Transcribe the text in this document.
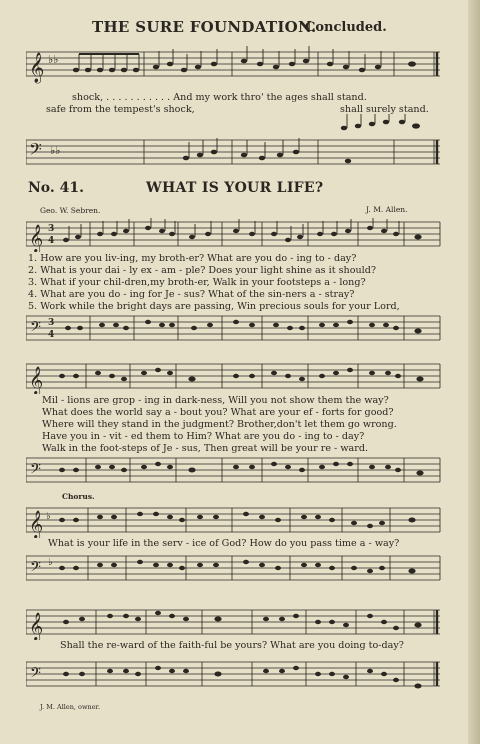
THE SURE FOUNDATION.
Concluded.
𝄞 ♭♭
shock, . . . . . . . . . . . And my work thro' the ages shall stand.
safe from the tempest's shock,	shall surely stand.
𝄢 ♭♭
No. 41.	WHAT IS YOUR LIFE?
Geo. W. Sebren.	J. M. Allen.
𝄞 3
4
1. How are you liv-ing, my broth-er? What are you do - ing to - day?
2. What is your dai - ly ex - am - ple? Does your light shine as it should?
3. What if your chil-dren,my broth-er, Walk in your footsteps a - long?
4. What are you do - ing for Je - sus? What of the sin-ners a - stray?
5. Work while the bright days are passing, Win precious souls for your Lord,
𝄢 3
4
𝄞
Mil - lions are grop - ing in dark-ness, Will you not show them the way?
What does the world say a - bout you? What are your ef - forts for good?
Where will they stand in the judgment? Brother,don't let them go wrong.
Have you in - vit - ed them to Him? What are you do - ing to - day?
Walk in the foot-steps of Je - sus, Then great will be your re - ward.
𝄢
Chorus.
𝄞 ♭
What is your life in the serv - ice of God? How do you pass time a - way?
𝄢 ♭
𝄞
Shall the re-ward of the faith-ful be yours? What are you doing to-day?
𝄢
J. M. Allen, owner.
